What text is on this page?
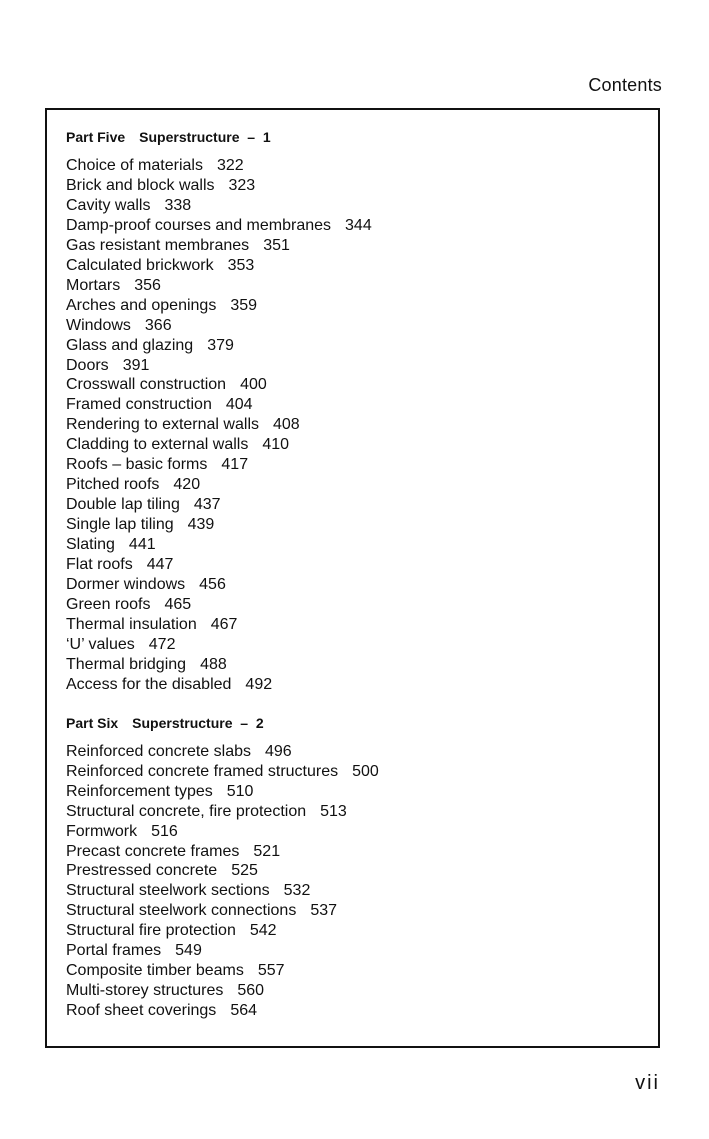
Contents
Part Five Superstructure  –  1
Choice of materials 322
Brick and block walls 323
Cavity walls 338
Damp-proof courses and membranes 344
Gas resistant membranes 351
Calculated brickwork 353
Mortars 356
Arches and openings 359
Windows 366
Glass and glazing 379
Doors 391
Crosswall construction 400
Framed construction 404
Rendering to external walls 408
Cladding to external walls 410
Roofs – basic forms 417
Pitched roofs 420
Double lap tiling 437
Single lap tiling 439
Slating 441
Flat roofs 447
Dormer windows 456
Green roofs 465
Thermal insulation 467
‘U’ values 472
Thermal bridging 488
Access for the disabled 492
Part Six Superstructure  –  2
Reinforced concrete slabs 496
Reinforced concrete framed structures 500
Reinforcement types 510
Structural concrete, fire protection 513
Formwork 516
Precast concrete frames 521
Prestressed concrete 525
Structural steelwork sections 532
Structural steelwork connections 537
Structural fire protection 542
Portal frames 549
Composite timber beams 557
Multi-storey structures 560
Roof sheet coverings 564
vii
